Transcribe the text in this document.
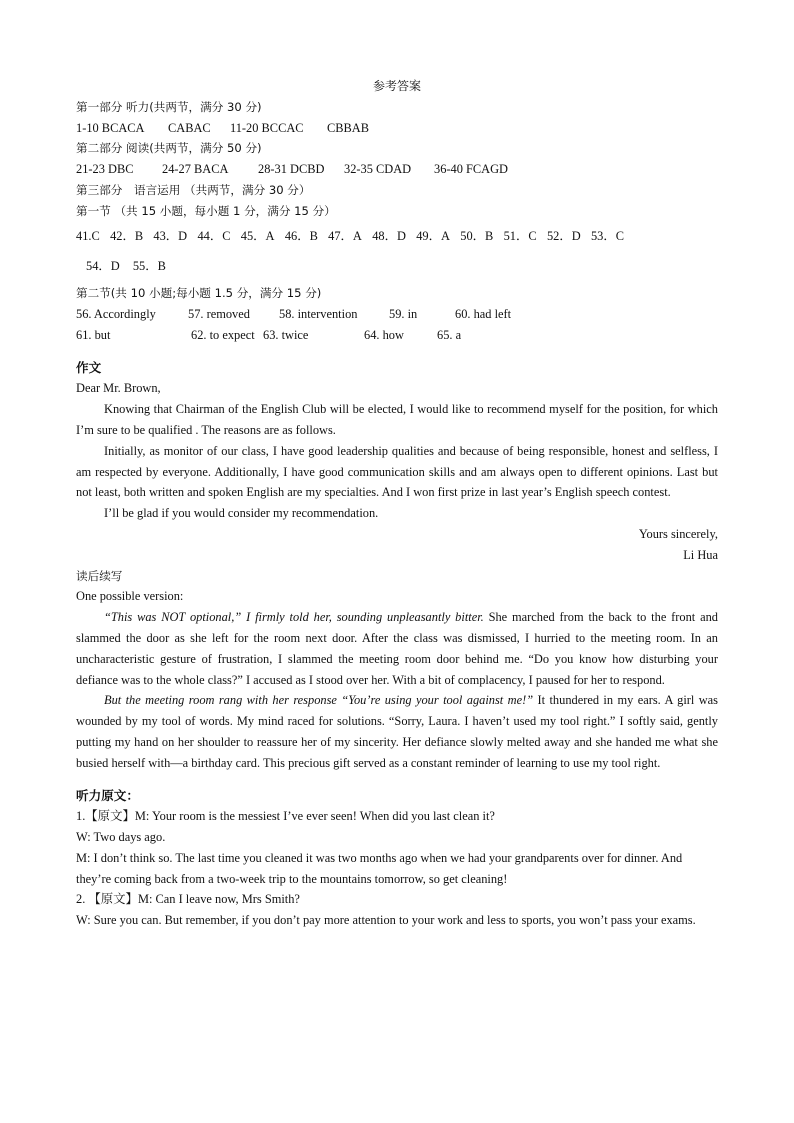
参考答案
第一部分 听力(共两节，满分 30 分)
1-10 BCACA	CABAC	11-20 BCCAC	CBBAB
第二部分 阅读(共两节，满分 50 分)
21-23 DBC	24-27 BACA	28-31 DCBD	32-35 CDAD	36-40 FCAGD
第三部分　语言运用 （共两节，满分 30 分）
第一节 （共 15 小题，每小题 1 分，满分 15 分）
41.C 42．B 43．D 44．C 45．A 46．B 47．A 48．D 49．A 50．B 51．C 52．D 53．C
54．D 55．B
第二节(共 10 小题;每小题 1.5 分，满分 15 分)
56. Accordingly	57. removed	58. intervention	59. in	60. had left
61. but	62. to expect 63. twice	64. how	65. a
作文
Dear Mr. Brown,
Knowing that Chairman of the English Club will be elected, I would like to recommend myself for the position, for which I’m sure to be qualified . The reasons are as follows.
Initially, as monitor of our class, I have good leadership qualities and because of being responsible, honest and selfless, I am respected by everyone. Additionally, I have good communication skills and am always open to different opinions. Last but not least, both written and spoken English are my specialties. And I won first prize in last year’s English speech contest.
I’ll be glad if you would consider my recommendation.
Yours sincerely,
Li Hua
读后续写
One possible version:
“This was NOT optional,” I firmly told her, sounding unpleasantly bitter. She marched from the back to the front and slammed the door as she left for the room next door. After the class was dismissed, I hurried to the meeting room. In an uncharacteristic gesture of frustration, I slammed the meeting room door behind me. “Do you know how disturbing your defiance was to the whole class?” I accused as I stood over her. With a bit of complacency, I paused for her to respond.
But the meeting room rang with her response “You’re using your tool against me!” It thundered in my ears. A girl was wounded by my tool of words. My mind raced for solutions. “Sorry, Laura. I haven’t used my tool right.” I softly said, gently putting my hand on her shoulder to reassure her of my sincerity. Her defiance slowly melted away and she handed me what she busied herself with—a birthday card. This precious gift served as a constant reminder of learning to use my tool right.
听力原文：
1.【原文】M: Your room is the messiest I’ve ever seen! When did you last clean it?
W: Two days ago.
M: I don’t think so. The last time you cleaned it was two months ago when we had your grandparents over for dinner. And they’re coming back from a two-week trip to the mountains tomorrow, so get cleaning!
2. 【原文】M: Can I leave now, Mrs Smith?
W: Sure you can. But remember, if you don’t pay more attention to your work and less to sports, you won’t pass your exams.
